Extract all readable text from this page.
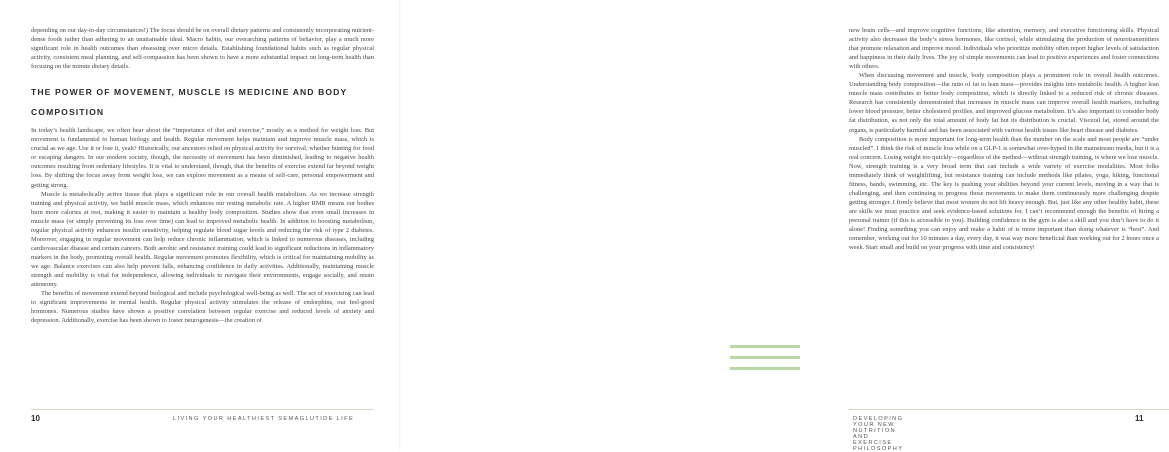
depending on our day-to-day circumstances!) The focus should be on overall dietary patterns and consistently incorporating nutrient-dense foods rather than adhering to an unattainable ideal. Macro habits, our overarching patterns of behavior, play a much more significant role in health outcomes than obsessing over micro details. Establishing foundational habits such as regular physical activity, consistent meal planning, and self-compassion has been shown to have a more substantial impact on long-term health than focusing on the minute dietary details.

THE POWER OF MOVEMENT, MUSCLE IS MEDICINE AND BODY COMPOSITION

In today’s health landscape, we often hear about the “importance of diet and exercise,” mostly as a method for weight loss. But movement is fundamental to human biology and health. Regular movement helps maintain and improve muscle mass, which is crucial as we age. Use it or lose it, yeah? Historically, our ancestors relied on physical activity for survival, whether hunting for food or escaping dangers. In our modern society, though, the necessity of movement has been diminished, leading to negative health outcomes resulting from sedentary lifestyles. It is vital to understand, though, that the benefits of exercise extend far beyond weight loss. By shifting the focus away from weight loss, we can explore movement as a means of self-care, personal empowerment and getting strong.

Muscle is metabolically active tissue that plays a significant role in our overall health metabolism. As we increase strength training and physical activity, we build muscle mass, which enhances our resting metabolic rate. A higher RMR means our bodies burn more calories at rest, making it easier to maintain a healthy body composition. Studies show that even small increases in muscle mass (or simply preventing its loss over time) can lead to improved metabolic health. In addition to boosting metabolism, regular physical activity enhances insulin sensitivity, helping regulate blood sugar levels and reducing the risk of type 2 diabetes. Moreover, engaging in regular movement can help reduce chronic inflammation, which is linked to numerous diseases, including cardiovascular disease and certain cancers. Both aerobic and resistance training could lead to significant reductions in inflammatory markers in the body, promoting overall health. Regular movement promotes flexibility, which is critical for maintaining mobility as we age. Balance exercises can also help prevent falls, enhancing confidence in daily activities. Additionally, maintaining muscle strength and mobility is vital for independence, allowing individuals to navigate their environments, engage socially, and retain autonomy.

The benefits of movement extend beyond biological and include psychological well-being as well. The act of exercising can lead to significant improvements in mental health. Regular physical activity stimulates the release of endorphins, our feel-good hormones. Numerous studies have shown a positive correlation between regular exercise and reduced levels of anxiety and depression. Additionally, exercise has been shown to foster neurogenesis—the creation of

10	LIVING YOUR HEALTHIEST SEMAGLUTIDE LIFE

new brain cells—and improve cognitive functions, like attention, memory, and executive functioning skills. Physical activity also decreases the body’s stress hormones, like cortisol, while stimulating the production of neurotransmitters that promote relaxation and improve mood. Individuals who prioritize mobility often report higher levels of satisfaction and happiness in their daily lives. The joy of simple movements can lead to positive experiences and foster connections with others.

When discussing movement and muscle, body composition plays a prominent role in overall health outcomes. Understanding body composition—the ratio of fat to lean mass—provides insights into metabolic health. A higher lean muscle mass contributes to better body composition, which is directly linked to a reduced risk of chronic diseases. Research has consistently demonstrated that increases in muscle mass can improve overall health markers, including lower blood pressure, better cholesterol profiles, and improved glucose metabolism. It’s also important to consider body fat distribution, as not only the total amount of body fat but its distribution is crucial. Visceral fat, stored around the organs, is particularly harmful and has been associated with various health issues like heart disease and diabetes.

Body composition is more important for long-term health than the number on the scale and most people are “under muscled”. I think the risk of muscle loss while on a GLP-1 is somewhat over-hyped in the mainstream media, but it is a real concern. Losing weight too quickly—regardless of the method—without strength training, is where we lose muscle. Now, strength training is a very broad term that can include a wide variety of exercise modalities. Most folks immediately think of weightlifting, but resistance training can include methods like pilates, yoga, hiking, functional fitness, bands, swimming, etc. The key is pushing your abilities beyond your current levels, moving in a way that is challenging, and then continuing to progress those movements to make them continuously more challenging despite getting stronger. I firmly believe that most women do not lift heavy enough. But, just like any other healthy habit, these are skills we must practice and seek evidence-based solutions for. I can’t recommend enough the benefits of hiring a personal trainer (if this is accessible to you). Building confidence in the gym is also a skill and you don’t have to do it alone! Finding something you can enjoy and make a habit of is more important than doing whatever is “best”. And remember, working out for 10 minutes a day, every day, it was way more beneficial than working out for 2 hours once a week. Start small and build on your progress with time and consistency!

DEVELOPING YOUR NEW NUTRITION AND EXERCISE PHILOSOPHY
11
